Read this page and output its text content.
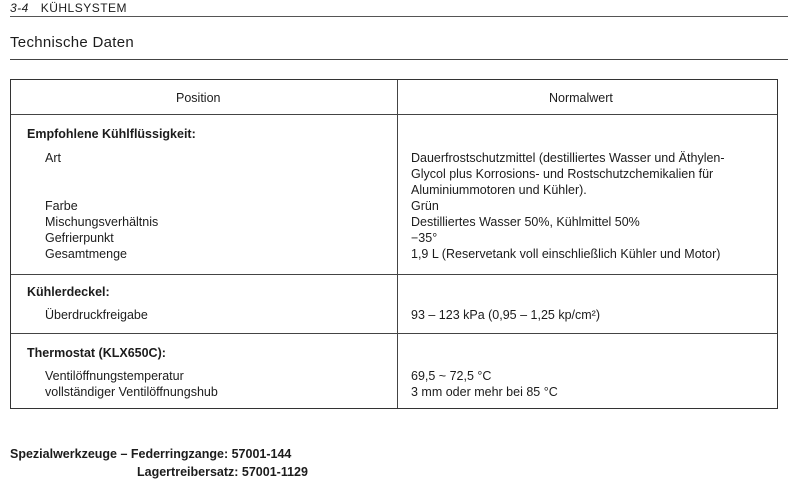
3-4 KÜHLSYSTEM
Technische Daten
Position	Normalwert
Empfohlene Kühlflüssigkeit:
Art	Dauerfrostschutzmittel (destilliertes Wasser und Äthylen-
Glycol plus Korrosions- und Rostschutzchemikalien für
Aluminiummotoren und Kühler).
Farbe	Grün
Mischungsverhältnis	Destilliertes Wasser 50%, Kühlmittel 50%
Gefrierpunkt	−35°
Gesamtmenge	1,9 L (Reservetank voll einschließlich Kühler und Motor)
Kühlerdeckel:
Überdruckfreigabe	93 – 123 kPa (0,95 – 1,25 kp/cm²)
Thermostat (KLX650C):
Ventilöffnungstemperatur	69,5 ~ 72,5 °C
vollständiger Ventilöffnungshub	3 mm oder mehr bei 85 °C
Spezialwerkzeuge – Federringzange: 57001-144
Lagertreibersatz: 57001-1129
